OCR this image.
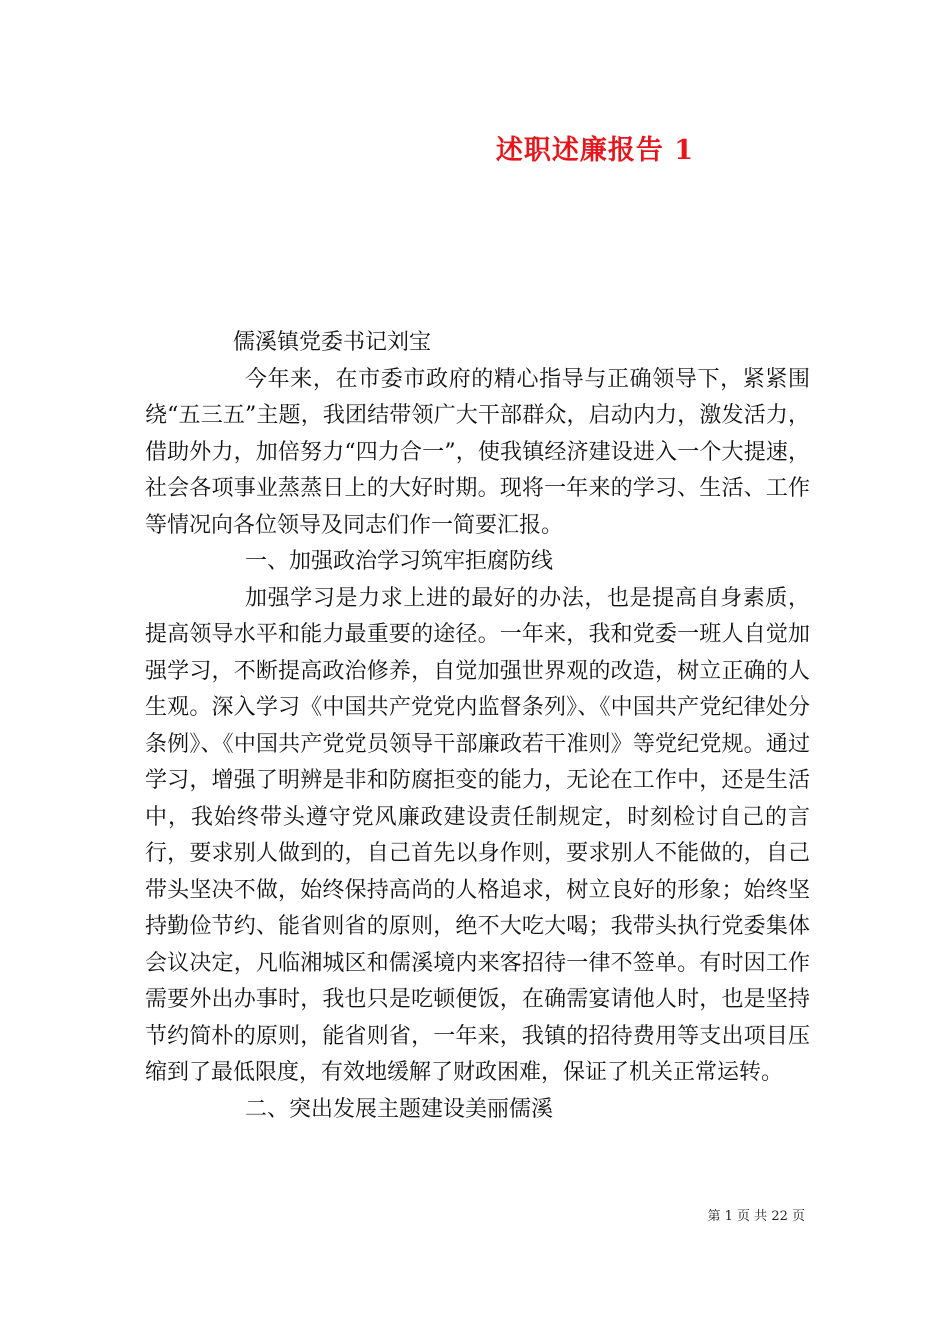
述职述廉报告 1

儒溪镇党委书记刘宝

今年来，在市委市政府的精心指导与正确领导下，紧紧围绕“五三五”主题，我团结带领广大干部群众，启动内力，激发活力，借助外力，加倍努力“四力合一”，使我镇经济建设进入一个大提速，社会各项事业蒸蒸日上的大好时期。现将一年来的学习、生活、工作等情况向各位领导及同志们作一简要汇报。

一、加强政治学习筑牢拒腐防线

加强学习是力求上进的最好的办法，也是提高自身素质，提高领导水平和能力最重要的途径。一年来，我和党委一班人自觉加强学习，不断提高政治修养，自觉加强世界观的改造，树立正确的人生观。深入学习《中国共产党党内监督条列》、《中国共产党纪律处分条例》、《中国共产党党员领导干部廉政若干准则》等党纪党规。通过学习，增强了明辨是非和防腐拒变的能力，无论在工作中，还是生活中，我始终带头遵守党风廉政建设责任制规定，时刻检讨自己的言行，要求别人做到的，自己首先以身作则，要求别人不能做的，自己带头坚决不做，始终保持高尚的人格追求，树立良好的形象；始终坚持勤俭节约、能省则省的原则，绝不大吃大喝；我带头执行党委集体会议决定，凡临湘城区和儒溪境内来客招待一律不签单。有时因工作需要外出办事时，我也只是吃顿便饭，在确需宴请他人时，也是坚持节约简朴的原则，能省则省，一年来，我镇的招待费用等支出项目压缩到了最低限度，有效地缓解了财政困难，保证了机关正常运转。

二、突出发展主题建设美丽儒溪

第 1 页 共 22 页
